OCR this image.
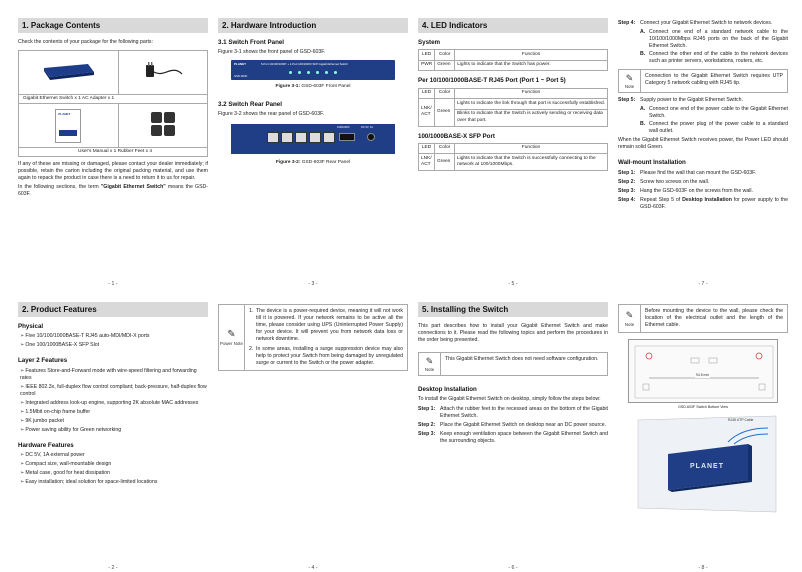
1. Package Contents
Check the contents of your package for the following parts:

Gigabit Ethernet Switch x 1 AC Adapter x 1	

PLANET

User's Manual x 1 Rubber Feet x 4	
If any of these are missing or damaged, please contact your dealer immediately; if possible, retain the carton including the original packing material, and use them again to repack the product in case there is a need to return it to us for repair.
In the following sections, the term "Gigabit Ethernet Switch" means the GSD-603F.
- 1 -
2. Hardware Introduction
3.1 Switch Front Panel
Figure 3-1 shows the front panel of GSD-603F.
PLANET	5-Port 10/100/1000T + 1-Port 100/1000X SFP Gigabit Ethernet Switch
GSD-603F
Figure 3-1: GSD-603F Front Panel
3.2 Switch Rear Panel
Figure 3-2 shows the rear panel of GSD-603F.
100/1000X	DC 5V, 1A
Figure 3-2: GSD-603F Rear Panel
- 3 -
4. LED Indicators
System
LED	Color	Function
PWR	Green	Lights to indicate that the Switch has power.
Per 10/100/1000BASE-T RJ45 Port (Port 1 ~ Port 5)
LED	Color	Function
LNK/ ACT	Green	Lights to indicate the link through that port is successfully established.
		Blinks to indicate that the Switch is actively sending or receiving data over that port.
100/1000BASE-X SFP Port
LED	Color	Function
LNK/ ACT	Green	Lights to indicate that the Switch is successfully connecting to the network at 100/1000Mbps.
- 5 -
Step 4: Connect your Gigabit Ethernet Switch to network devices.
A. Connect one end of a standard network cable to the 10/100/1000Mbps RJ45 ports on the back of the Gigabit Ethernet Switch.
B. Connect the other end of the cable to the network devices such as printer servers, workstations, routers, etc.
✎
Note
Connection to the Gigabit Ethernet Switch requires UTP Category 5 network cabling with RJ45 tip.
Step 5: Supply power to the Gigabit Ethernet Switch.
A. Connect one end of the power cable to the Gigabit Ethernet Switch.
B. Connect the power plug of the power cable to a standard wall outlet.
When the Gigabit Ethernet Switch receives power, the Power LED should remain solid Green.
Wall-mount Installation
Step 1: Please find the wall that can mount the GSD-603F.
Step 2: Screw two screws on the wall.
Step 3: Hang the GSD-603F on the screws from the wall.
Step 4: Repeat Step 5 of Desktop Installation for power supply to the GSD-603F.
- 7 -
2. Product Features
Physical
➢Five 10/100/1000BASE-T RJ45 auto-MDI/MDI-X ports
➢One 100/1000BASE-X SFP Slot
Layer 2 Features
➢Features Store-and-Forward mode with wire-speed filtering and forwarding rates
➢IEEE 802.3x, full-duplex flow control compliant; back-pressure, half-duplex flow control
➢Integrated address look-up engine, supporting 2K absolute MAC addresses
➢1.5Mbit on-chip frame buffer
➢9K jumbo packet
➢Power saving ability for Green networking
Hardware Features
➢DC 5V, 1A external power
➢Compact size, wall-mountable design
➢Metal case, good for heat dissipation
➢Easy installation; ideal solution for space-limited locations
- 2 -
✎
Power Note
1. The device is a power-required device, meaning it will not work till it is powered. If your network remains to be active all the time, please consider using UPS (Uninterrupted Power Supply) for your device. It will prevent you from network data loss or network downtime.
2. In some areas, installing a surge suppression device may also help to protect your Switch from being damaged by unregulated surge or current to the Switch or the power adapter.
- 4 -
5. Installing the Switch
This part describes how to install your Gigabit Ethernet Switch and make connections to it. Please read the following topics and perform the procedures in the order being presented.
✎
Note
This Gigabit Ethernet Switch does not need software configuration.
Desktop Installation
To install the Gigabit Ethernet Switch on desktop, simply follow the steps below:
Step 1: Attach the rubber feet to the recessed areas on the bottom of the Gigabit Ethernet Switch.
Step 2: Place the Gigabit Ethernet Switch on desktop near an DC power source.
Step 3: Keep enough ventilation space between the Gigabit Ethernet Switch and the surrounding objects.
- 6 -
✎
Note
Before mounting the device to the wall, please check the location of the electrical outlet and the length of the Ethernet cable.
94.5 mm
GSD-603F Switch Bottom View
RJ45 UTP Cable
PLANET
- 8 -
